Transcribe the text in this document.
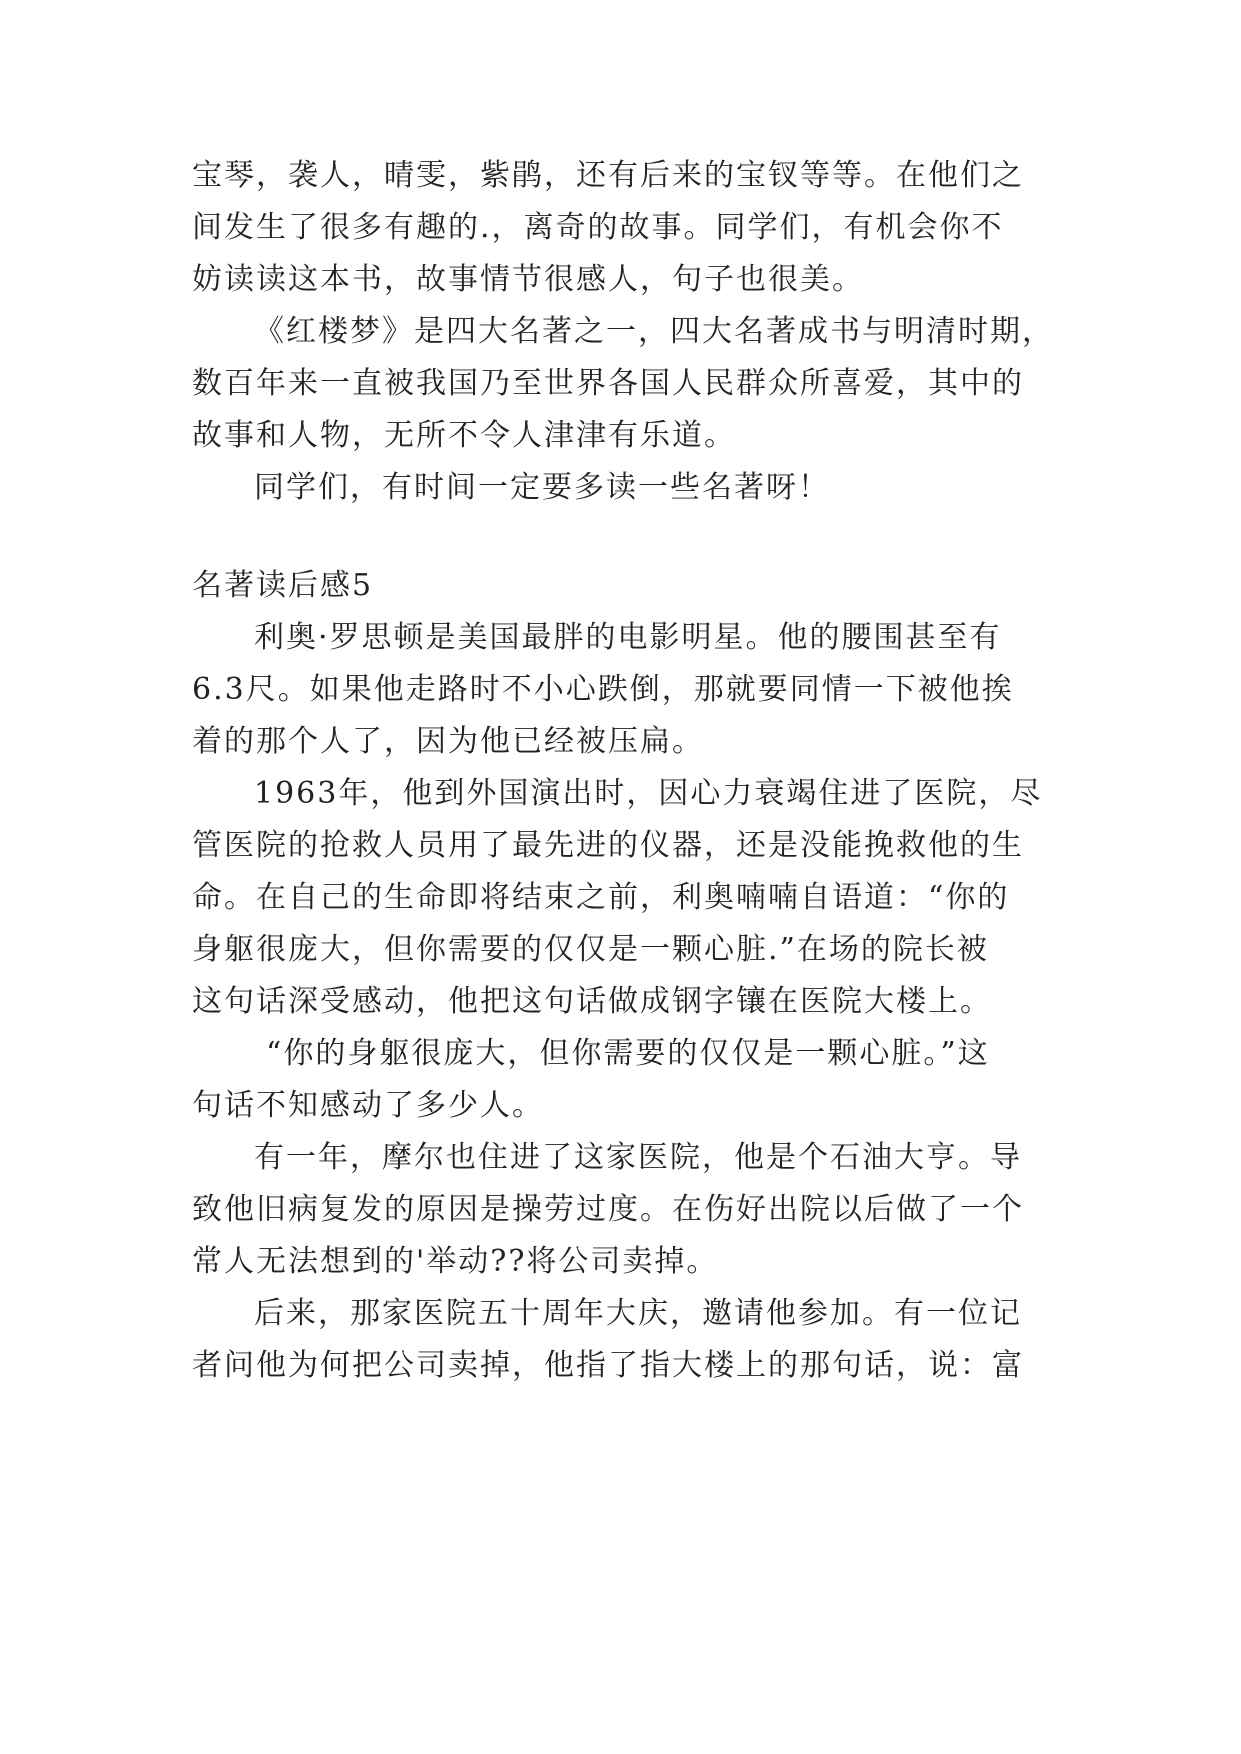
宝琴，袭人，晴雯，紫鹃，还有后来的宝钗等等。在他们之
间发生了很多有趣的.，离奇的故事。同学们，有机会你不
妨读读这本书，故事情节很感人，句子也很美。
《红楼梦》是四大名著之一，四大名著成书与明清时期，
数百年来一直被我国乃至世界各国人民群众所喜爱，其中的
故事和人物，无所不令人津津有乐道。
同学们，有时间一定要多读一些名著呀！
名著读后感5
利奥·罗思顿是美国最胖的电影明星。他的腰围甚至有
6.3尺。如果他走路时不小心跌倒，那就要同情一下被他挨
着的那个人了，因为他已经被压扁。
1963年，他到外国演出时，因心力衰竭住进了医院，尽
管医院的抢救人员用了最先进的仪器，还是没能挽救他的生
命。在自己的生命即将结束之前，利奥喃喃自语道：“你的
身躯很庞大，但你需要的仅仅是一颗心脏.”在场的院长被
这句话深受感动，他把这句话做成钢字镶在医院大楼上。
“你的身躯很庞大，但你需要的仅仅是一颗心脏。”这
句话不知感动了多少人。
有一年，摩尔也住进了这家医院，他是个石油大亨。导
致他旧病复发的原因是操劳过度。在伤好出院以后做了一个
常人无法想到的'举动??将公司卖掉。
后来，那家医院五十周年大庆，邀请他参加。有一位记
者问他为何把公司卖掉，他指了指大楼上的那句话，说：富
